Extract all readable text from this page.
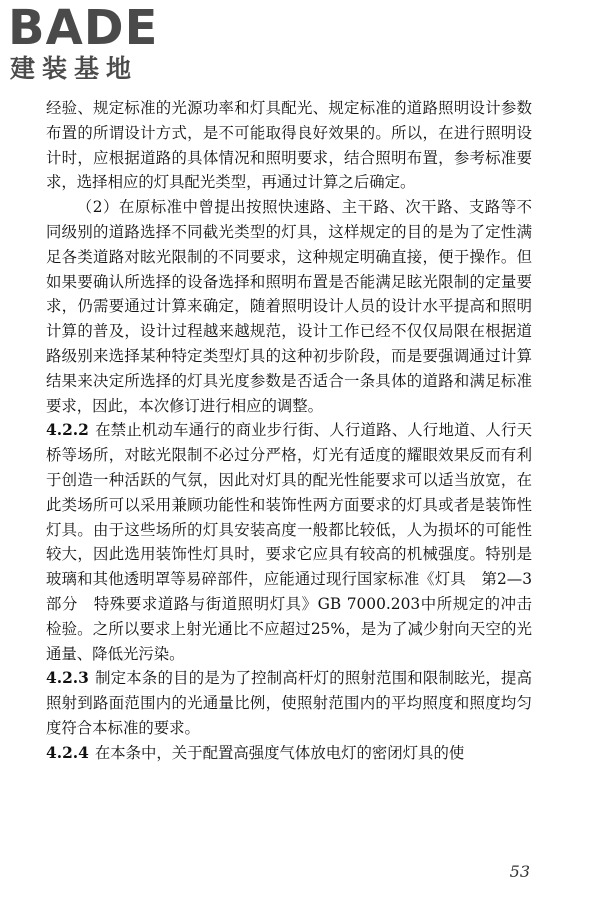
BADE
建装基地

经验、规定标准的光源功率和灯具配光、规定标准的道路照明设计参数布置的所谓设计方式，是不可能取得良好效果的。所以，在进行照明设计时，应根据道路的具体情况和照明要求，结合照明布置，参考标准要求，选择相应的灯具配光类型，再通过计算之后确定。

（2）在原标准中曾提出按照快速路、主干路、次干路、支路等不同级别的道路选择不同截光类型的灯具，这样规定的目的是为了定性满足各类道路对眩光限制的不同要求，这种规定明确直接，便于操作。但如果要确认所选择的设备选择和照明布置是否能满足眩光限制的定量要求，仍需要通过计算来确定，随着照明设计人员的设计水平提高和照明计算的普及，设计过程越来越规范，设计工作已经不仅仅局限在根据道路级别来选择某种特定类型灯具的这种初步阶段，而是要强调通过计算结果来决定所选择的灯具光度参数是否适合一条具体的道路和满足标准要求，因此，本次修订进行相应的调整。

4.2.2 在禁止机动车通行的商业步行街、人行道路、人行地道、人行天桥等场所，对眩光限制不必过分严格，灯光有适度的耀眼效果反而有利于创造一种活跃的气氛，因此对灯具的配光性能要求可以适当放宽，在此类场所可以采用兼顾功能性和装饰性两方面要求的灯具或者是装饰性灯具。由于这些场所的灯具安装高度一般都比较低，人为损坏的可能性较大，因此选用装饰性灯具时，要求它应具有较高的机械强度。特别是玻璃和其他透明罩等易碎部件，应能通过现行国家标准《灯具　第2—3部分　特殊要求道路与街道照明灯具》GB 7000.203中所规定的冲击检验。之所以要求上射光通比不应超过25%，是为了减少射向天空的光通量、降低光污染。

4.2.3 制定本条的目的是为了控制高杆灯的照射范围和限制眩光，提高照射到路面范围内的光通量比例，使照射范围内的平均照度和照度均匀度符合本标准的要求。

4.2.4 在本条中，关于配置高强度气体放电灯的密闭灯具的使

53
